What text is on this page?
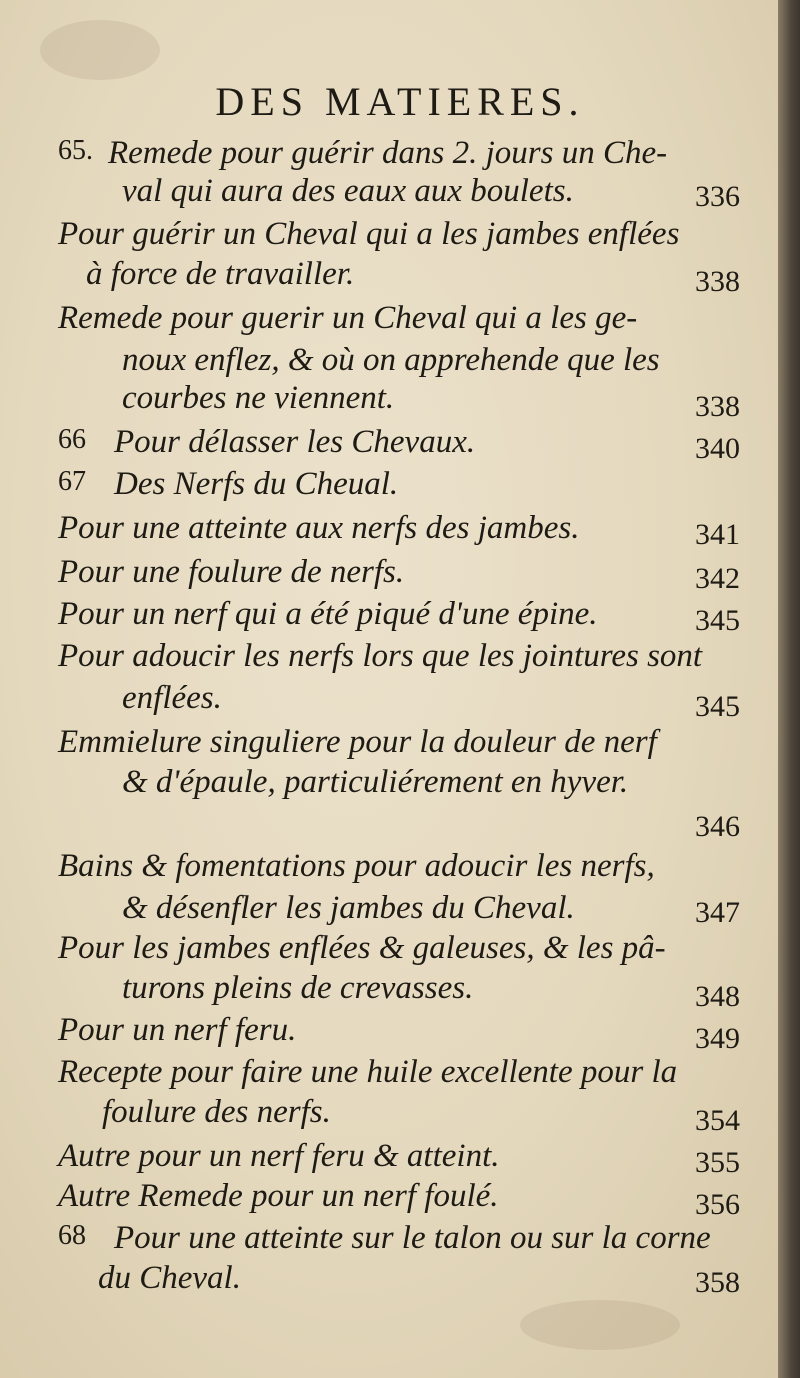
DES MATIERES.
65. Remede pour guérir dans 2. jours un Che-
val qui aura des eaux aux boulets.	336
Pour guérir un Cheval qui a les jambes enflées
à force de travailler.	338
Remede pour guerir un Cheval qui a les ge-
noux enflez, & où on apprehende que les
courbes ne viennent.	338
66 Pour délasser les Chevaux.	340
67 Des Nerfs du Cheual.
Pour une atteinte aux nerfs des jambes.	341
Pour une foulure de nerfs.	342
Pour un nerf qui a été piqué d'une épine.	345
Pour adoucir les nerfs lors que les jointures sont
enflées.	345
Emmielure singuliere pour la douleur de nerf
& d'épaule, particuliérement en hyver.
346
Bains & fomentations pour adoucir les nerfs,
& désenfler les jambes du Cheval.	347
Pour les jambes enflées & galeuses, & les pâ-
turons pleins de crevasses.	348
Pour un nerf feru.	349
Recepte pour faire une huile excellente pour la
foulure des nerfs.	354
Autre pour un nerf feru & atteint.	355
Autre Remede pour un nerf foulé.	356
68 Pour une atteinte sur le talon ou sur la corne
du Cheval.	358
